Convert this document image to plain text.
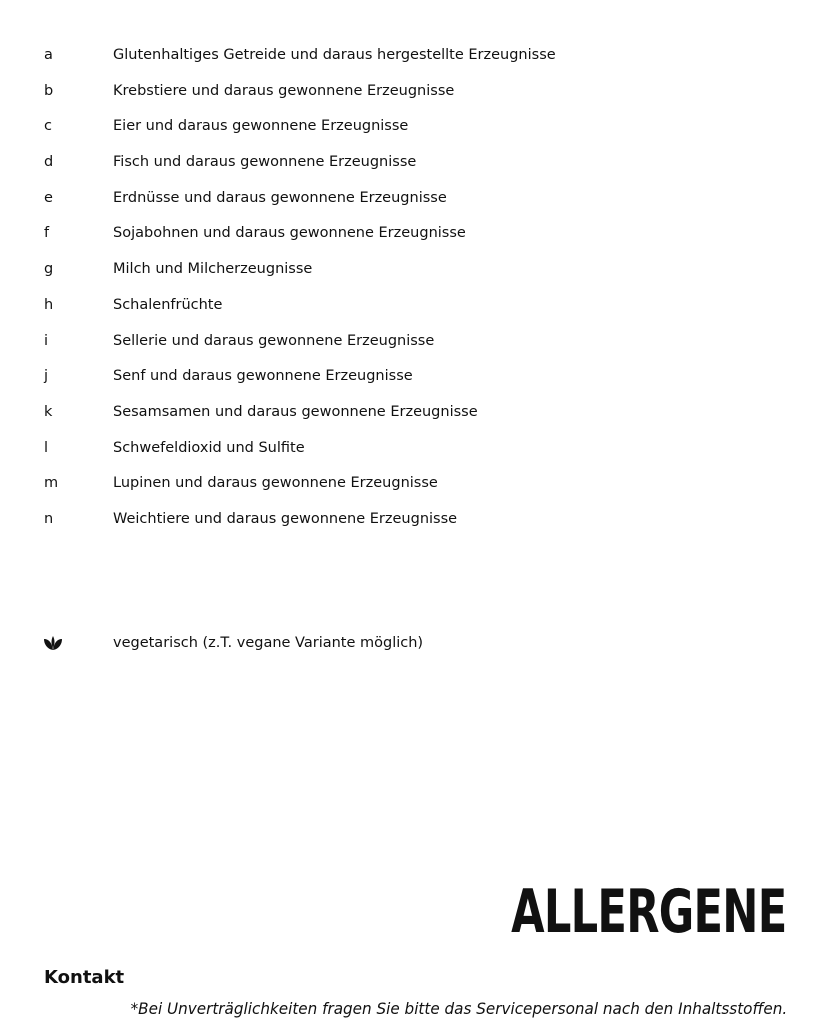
a	Glutenhaltiges Getreide und daraus hergestellte Erzeugnisse
b	Krebstiere und daraus gewonnene Erzeugnisse
c	Eier und daraus gewonnene Erzeugnisse
d	Fisch und daraus gewonnene Erzeugnisse
e	Erdnüsse und daraus gewonnene Erzeugnisse
f	Sojabohnen und daraus gewonnene Erzeugnisse
g	Milch und Milcherzeugnisse
h	Schalenfrüchte
i	Sellerie und daraus gewonnene Erzeugnisse
j	Senf und daraus gewonnene Erzeugnisse
k	Sesamsamen und daraus gewonnene Erzeugnisse
l	Schwefeldioxid und Sulfite
m	Lupinen und daraus gewonnene Erzeugnisse
n	Weichtiere und daraus gewonnene Erzeugnisse
vegetarisch (z.T. vegane Variante möglich)
ALLERGENE
Kontakt
*Bei Unverträglichkeiten fragen Sie bitte das Servicepersonal nach den Inhaltsstoffen.
